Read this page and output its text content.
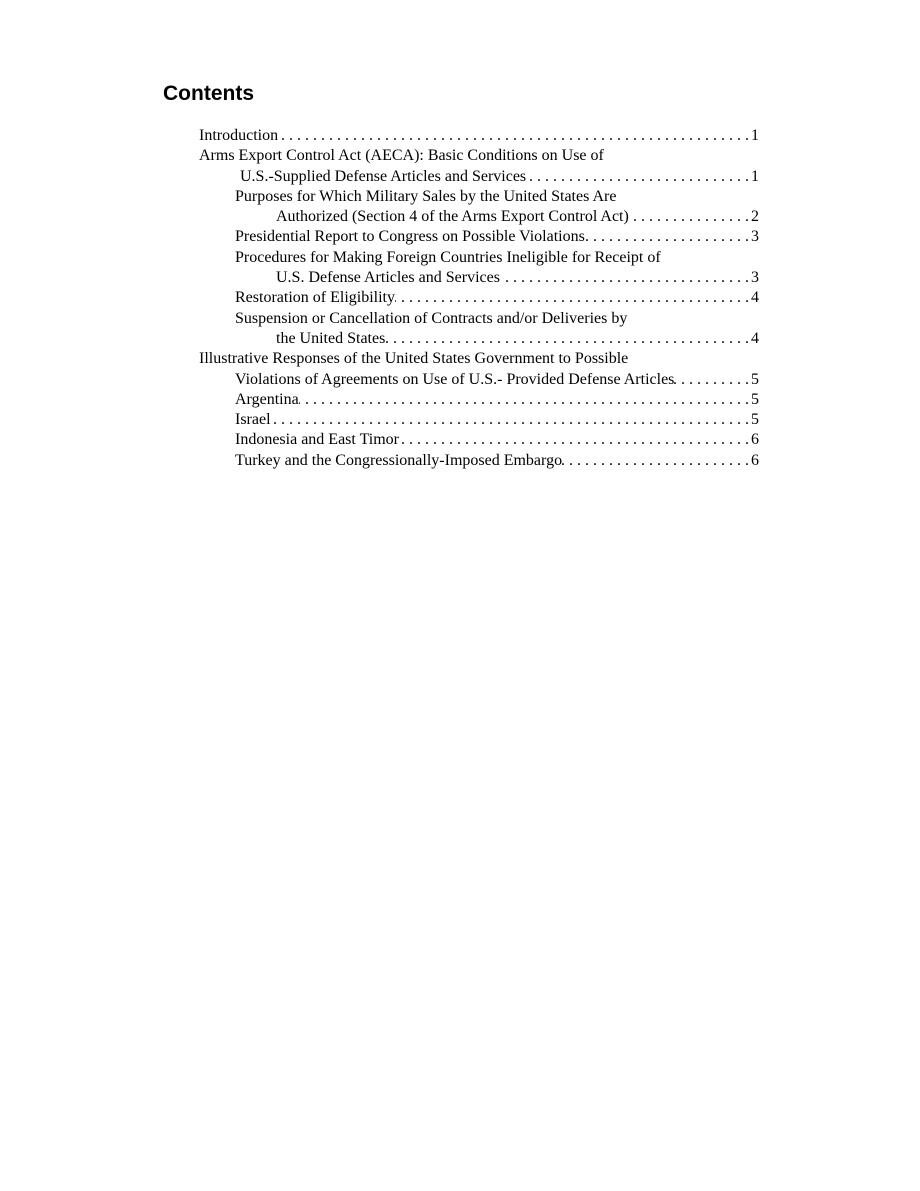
Contents
Introduction . . .	1
Arms Export Control Act (AECA): Basic Conditions on Use of
U.S.-Supplied Defense Articles and Services . . .	1
Purposes for Which Military Sales by the United States Are
Authorized (Section 4 of the Arms Export Control Act) . . .	2
Presidential Report to Congress on Possible Violations . . .	3
Procedures for Making Foreign Countries Ineligible for Receipt of
U.S. Defense Articles and Services . . .	3
Restoration of Eligibility . . .	4
Suspension or Cancellation of Contracts and/or Deliveries by
the United States . . .	4
Illustrative Responses of the United States Government to Possible
Violations of Agreements on Use of U.S.- Provided Defense Articles . . .	5
Argentina . . .	5
Israel . . .	5
Indonesia and East Timor . . .	6
Turkey and the Congressionally-Imposed Embargo . . .	6
